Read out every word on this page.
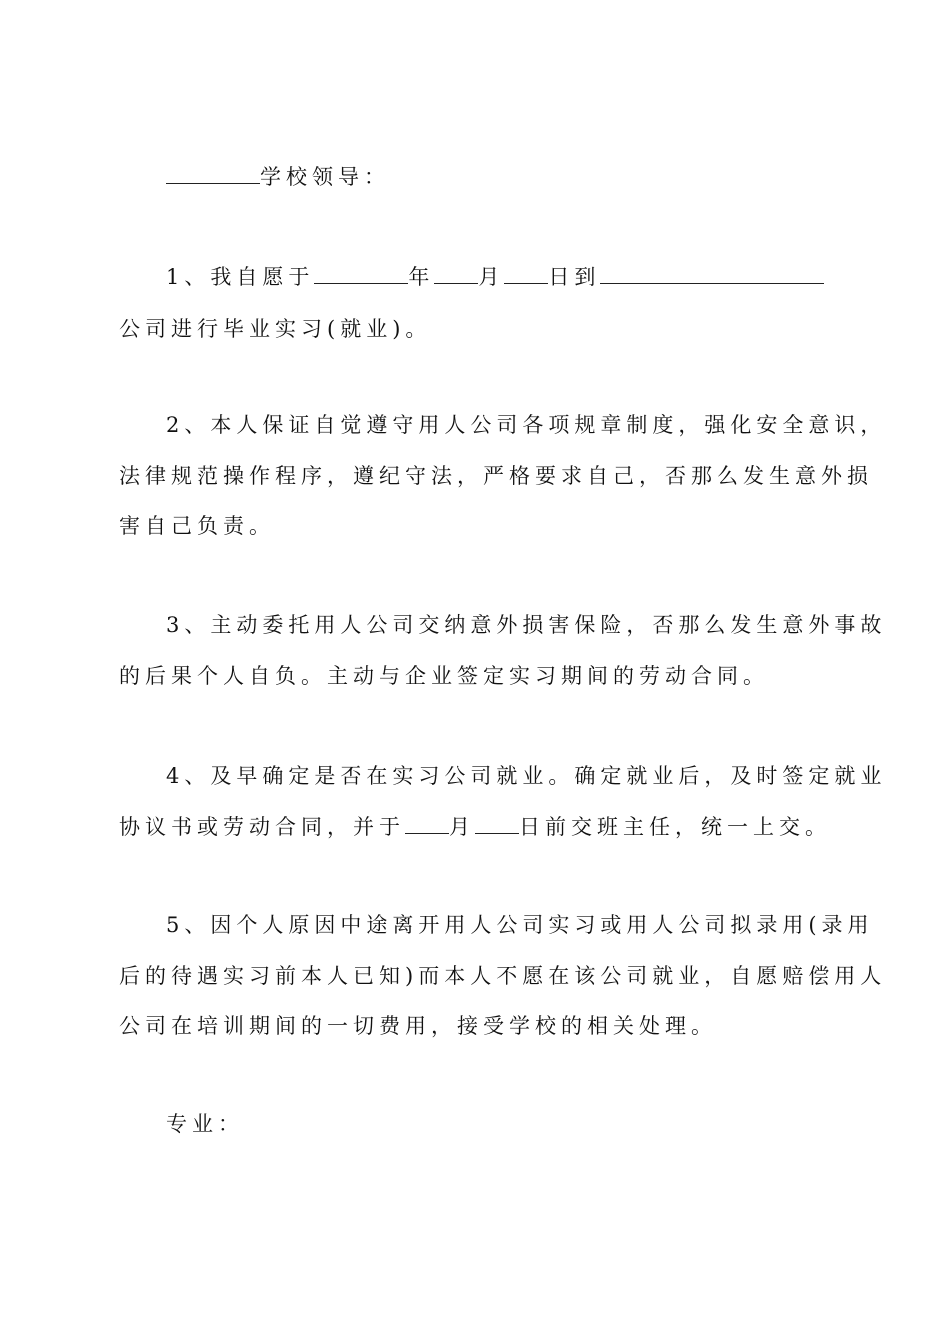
学校领导：
1、我自愿于	年 月 日到
公司进行毕业实习(就业)。
2、本人保证自觉遵守用人公司各项规章制度，强化安全意识，
法律规范操作程序，遵纪守法，严格要求自己，否那么发生意外损
害自己负责。
3、主动委托用人公司交纳意外损害保险，否那么发生意外事故
的后果个人自负。主动与企业签定实习期间的劳动合同。
4、及早确定是否在实习公司就业。确定就业后，及时签定就业
协议书或劳动合同，并于 月 日前交班主任，统一上交。
5、因个人原因中途离开用人公司实习或用人公司拟录用(录用
后的待遇实习前本人已知)而本人不愿在该公司就业，自愿赔偿用人
公司在培训期间的一切费用，接受学校的相关处理。
专业：
